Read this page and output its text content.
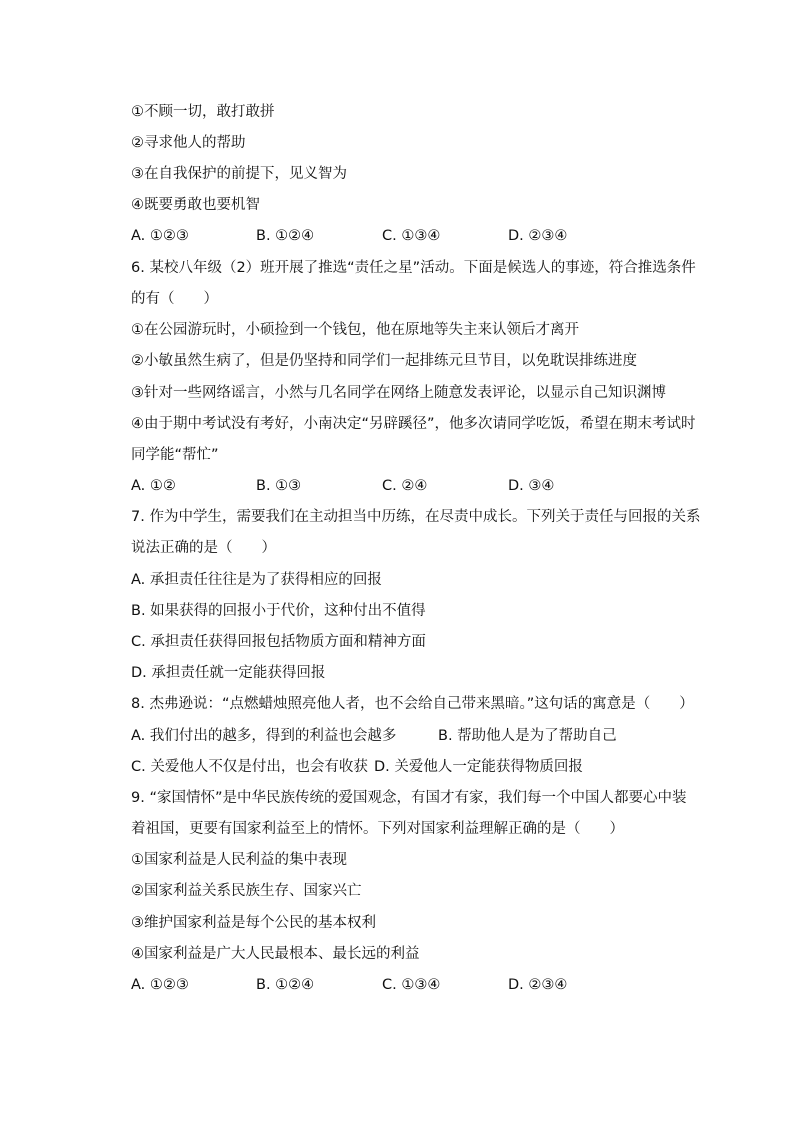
①不顾一切，敢打敢拼
②寻求他人的帮助
③在自我保护的前提下，见义智为
④既要勇敢也要机智
A. ①②③	B. ①②④	C. ①③④	D. ②③④
6. 某校八年级（2）班开展了推选“责任之星”活动。下面是候选人的事迹，符合推选条件
的有（　　）
①在公园游玩时，小硕捡到一个钱包，他在原地等失主来认领后才离开
②小敏虽然生病了，但是仍坚持和同学们一起排练元旦节目，以免耽误排练进度
③针对一些网络谣言，小然与几名同学在网络上随意发表评论，以显示自己知识渊博
④由于期中考试没有考好，小南决定“另辟蹊径”，他多次请同学吃饭，希望在期末考试时
同学能“帮忙”
A. ①②	B. ①③	C. ②④	D. ③④
7. 作为中学生，需要我们在主动担当中历练，在尽责中成长。下列关于责任与回报的关系
说法正确的是（　　）
A. 承担责任往往是为了获得相应的回报
B. 如果获得的回报小于代价，这种付出不值得
C. 承担责任获得回报包括物质方面和精神方面
D. 承担责任就一定能获得回报
8. 杰弗逊说：“点燃蜡烛照亮他人者，也不会给自己带来黑暗。”这句话的寓意是（　　）
A. 我们付出的越多，得到的利益也会越多	B. 帮助他人是为了帮助自己
C. 关爱他人不仅是付出，也会有收获 D. 关爱他人一定能获得物质回报
9. “家国情怀”是中华民族传统的爱国观念，有国才有家，我们每一个中国人都要心中装
着祖国，更要有国家利益至上的情怀。下列对国家利益理解正确的是（　　）
①国家利益是人民利益的集中表现
②国家利益关系民族生存、国家兴亡
③维护国家利益是每个公民的基本权利
④国家利益是广大人民最根本、最长远的利益
A. ①②③	B. ①②④	C. ①③④	D. ②③④
